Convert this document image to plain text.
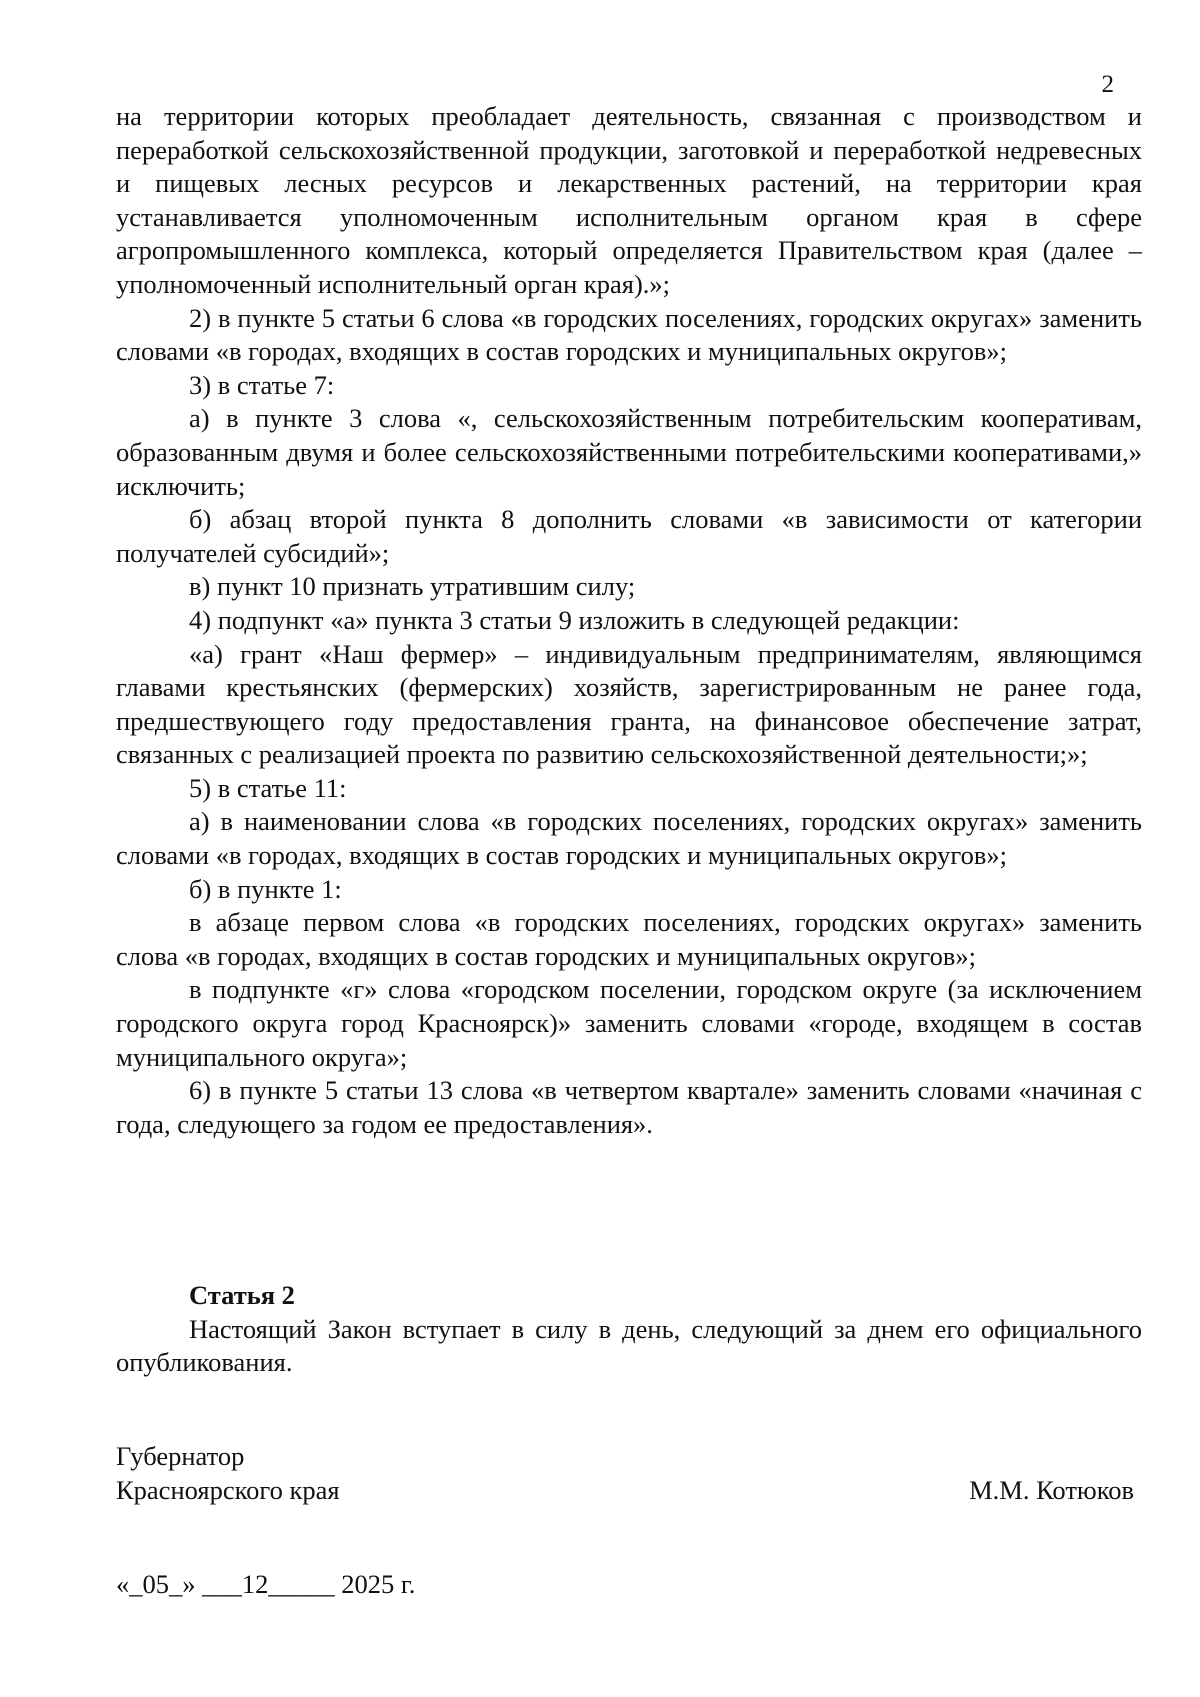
2

на территории которых преобладает деятельность, связанная с производством и переработкой сельскохозяйственной продукции, заготовкой и переработкой недревесных и пищевых лесных ресурсов и лекарственных растений, на территории края устанавливается уполномоченным исполнительным органом края в сфере агропромышленного комплекса, который определяется Правительством края (далее – уполномоченный исполнительный орган края).»;

2) в пункте 5 статьи 6 слова «в городских поселениях, городских округах» заменить словами «в городах, входящих в состав городских и муниципальных округов»;

3) в статье 7:

а) в пункте 3 слова «, сельскохозяйственным потребительским кооперативам, образованным двумя и более сельскохозяйственными потребительскими кооперативами,» исключить;

б) абзац второй пункта 8 дополнить словами «в зависимости от категории получателей субсидий»;

в) пункт 10 признать утратившим силу;

4) подпункт «а» пункта 3 статьи 9 изложить в следующей редакции:

«а) грант «Наш фермер» – индивидуальным предпринимателям, являющимся главами крестьянских (фермерских) хозяйств, зарегистрированным не ранее года, предшествующего году предоставления гранта, на финансовое обеспечение затрат, связанных с реализацией проекта по развитию сельскохозяйственной деятельности;»;

5) в статье 11:

а) в наименовании слова «в городских поселениях, городских округах» заменить словами «в городах, входящих в состав городских и муниципальных округов»;

б) в пункте 1:

в абзаце первом слова «в городских поселениях, городских округах» заменить слова «в городах, входящих в состав городских и муниципальных округов»;

в подпункте «г» слова «городском поселении, городском округе (за исключением городского округа город Красноярск)» заменить словами «городе, входящем в состав муниципального округа»;

6) в пункте 5 статьи 13 слова «в четвертом квартале» заменить словами «начиная с года, следующего за годом ее предоставления».

Статья 2

Настоящий Закон вступает в силу в день, следующий за днем его официального опубликования.

Губернатор
Красноярского края	М.М. Котюков
«_05_» ___12_____ 2025 г.
